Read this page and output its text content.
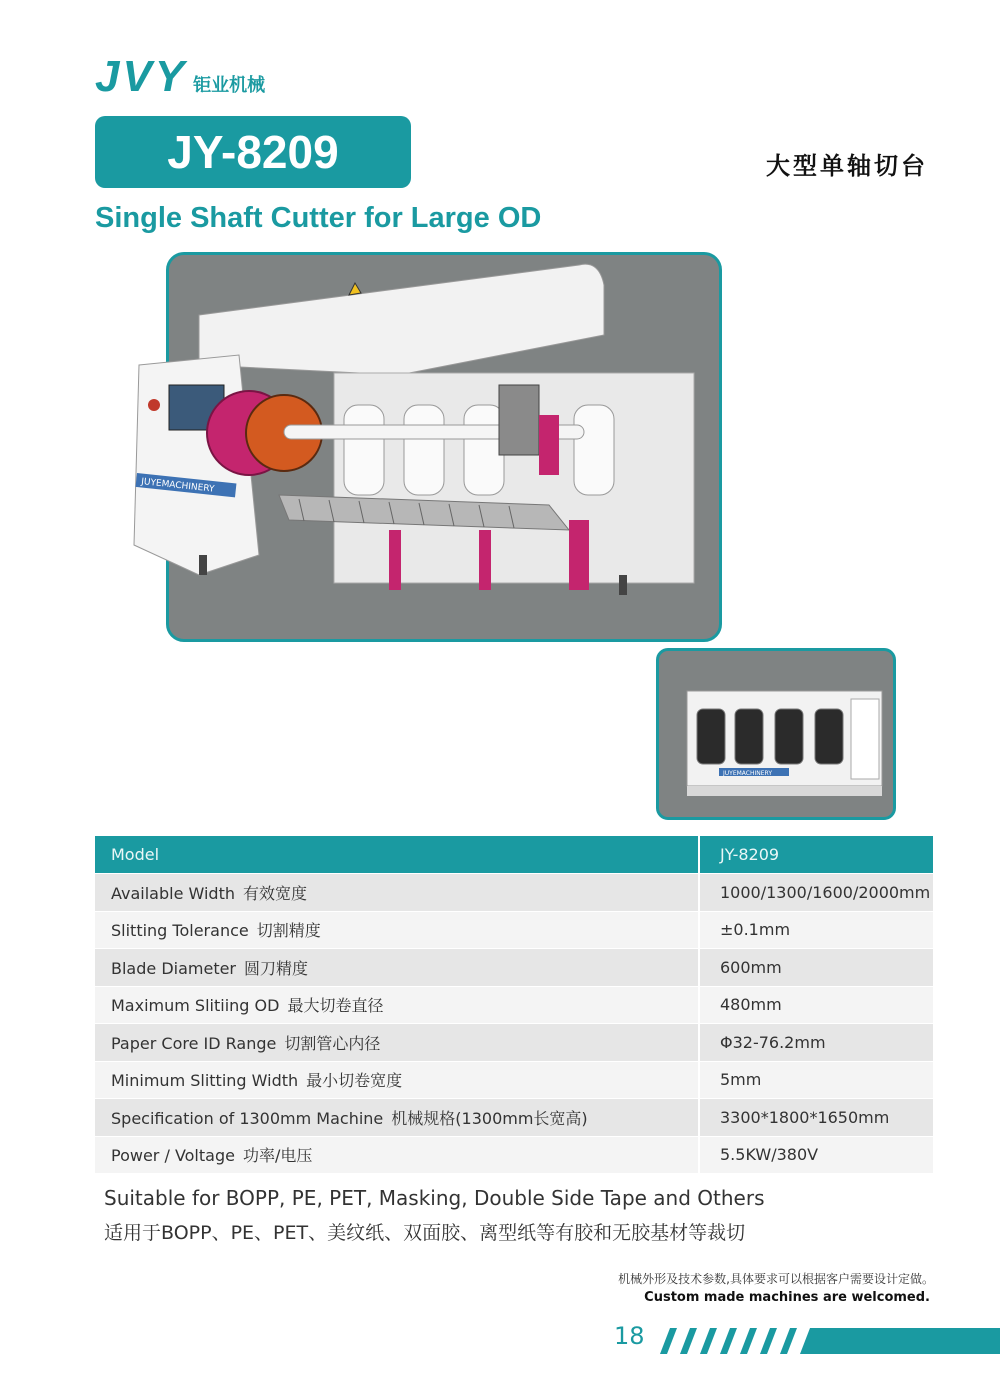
JVY 钜业机械
JY-8209	大型单轴切台
Single Shaft Cutter for Large OD
JUYEMACHINERY
JUYEMACHINERY
Model	JY-8209
Available Width 有效宽度	1000/1300/1600/2000mm
Slitting Tolerance 切割精度	±0.1mm
Blade Diameter 圆刀精度	600mm
Maximum Slitiing OD 最大切卷直径	480mm
Paper Core ID Range 切割管心内径	Φ32-76.2mm
Minimum Slitting Width 最小切卷宽度	5mm
Specification of 1300mm Machine 机械规格(1300mm长宽高)	3300*1800*1650mm
Power / Voltage 功率/电压	5.5KW/380V
Suitable for BOPP, PE, PET, Masking, Double Side Tape and Others
适用于BOPP、PE、PET、美纹纸、双面胶、离型纸等有胶和无胶基材等裁切
机械外形及技术参数,具体要求可以根据客户需要设计定做。
Custom made machines are welcomed.
18
